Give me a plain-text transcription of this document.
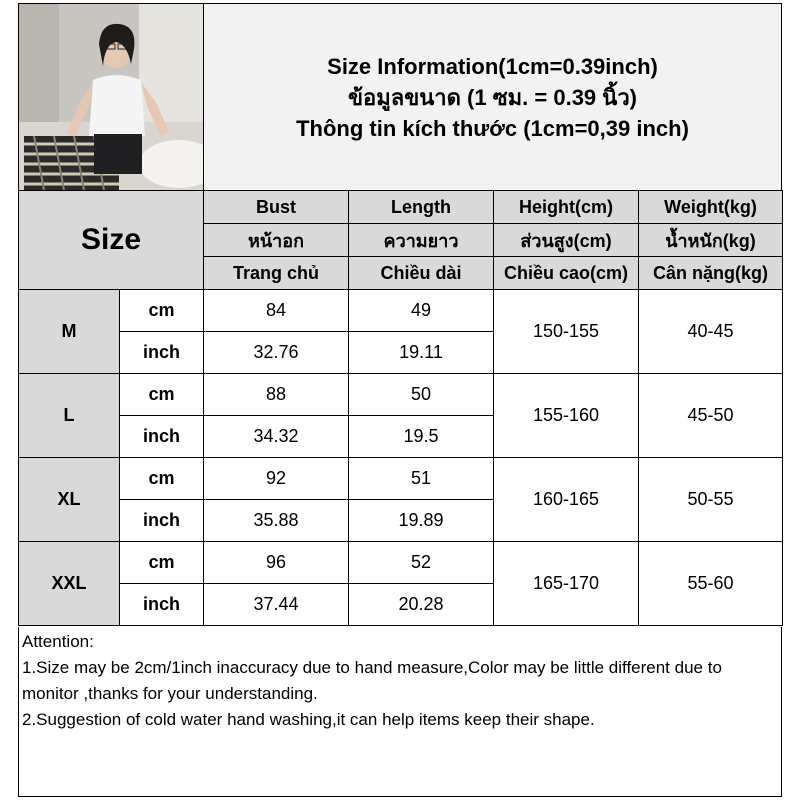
Size Information(1cm=0.39inch)
ข้อมูลขนาด (1 ซม. = 0.39 นิ้ว)
Thông tin kích thước (1cm=0,39 inch)
Size		Bust	Length	Height(cm)	Weight(kg)
		หน้าอก	ความยาว	ส่วนสูง(cm)	น้ำหนัก(kg)
		Trang chủ	Chiều dài	Chiều cao(cm)	Cân nặng(kg)
M	cm	84	49	150-155	40-45
	inch	32.76	19.11		
L	cm	88	50	155-160	45-50
	inch	34.32	19.5		
XL	cm	92	51	160-165	50-55
	inch	35.88	19.89		
XXL	cm	96	52	165-170	55-60
	inch	37.44	20.28		

Attention:

1.Size may be 2cm/1inch inaccuracy due to hand measure,Color may be little different due to monitor ,thanks for your understanding.

2.Suggestion of cold water hand washing,it can help items keep their shape.
